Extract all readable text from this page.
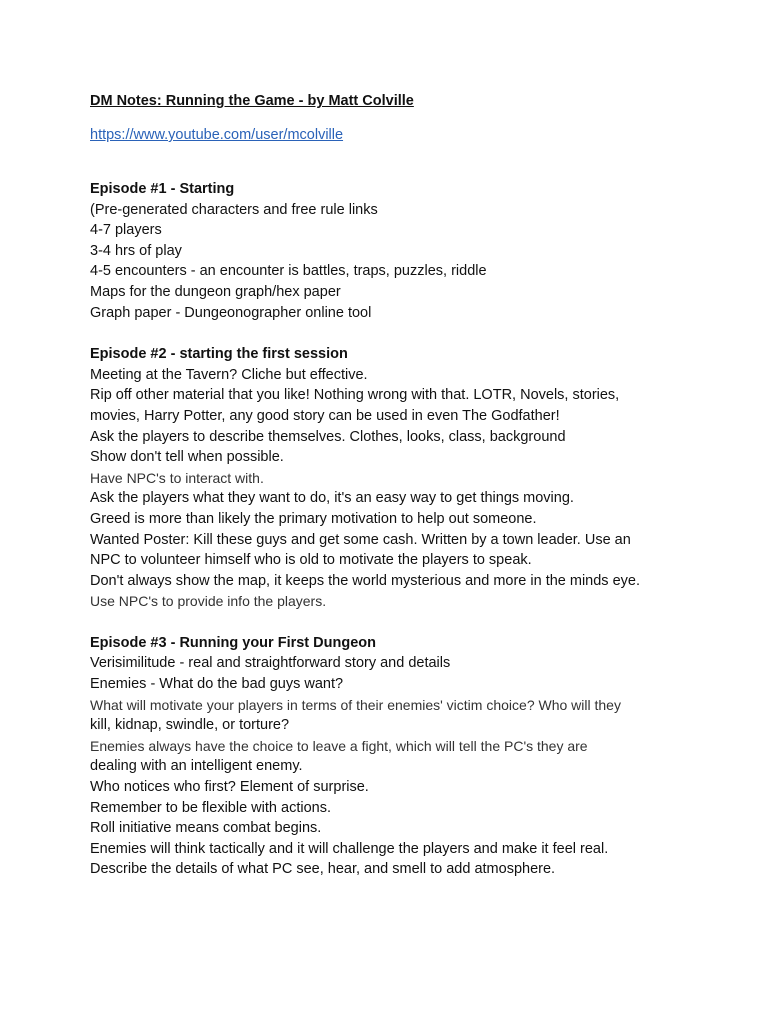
DM Notes: Running the Game - by Matt Colville
https://www.youtube.com/user/mcolville
Episode #1 - Starting
(Pre-generated characters and free rule links
4-7 players
3-4 hrs of play
4-5 encounters - an encounter is battles, traps, puzzles, riddle
Maps for the dungeon graph/hex paper
Graph paper - Dungeonographer online tool
Episode #2 - starting the first session
Meeting at the Tavern? Cliche but effective.
Rip off other material that you like! Nothing wrong with that. LOTR, Novels, stories,
movies, Harry Potter, any good story can be used in even The Godfather!
Ask the players to describe themselves. Clothes, looks, class, background
Show don't tell when possible.
Have NPC's to interact with.
Ask the players what they want to do, it's an easy way to get things moving.
Greed is more than likely the primary motivation to help out someone.
Wanted Poster: Kill these guys and get some cash. Written by a town leader. Use an
NPC to volunteer himself who is old to motivate the players to speak.
Don't always show the map, it keeps the world mysterious and more in the minds eye.
Use NPC's to provide info the players.
Episode #3 - Running your First Dungeon
Verisimilitude - real and straightforward story and details
Enemies - What do the bad guys want?
What will motivate your players in terms of their enemies' victim choice? Who will they
kill, kidnap, swindle, or torture?
Enemies always have the choice to leave a fight, which will tell the PC's they are
dealing with an intelligent enemy.
Who notices who first? Element of surprise.
Remember to be flexible with actions.
Roll initiative means combat begins.
Enemies will think tactically and it will challenge the players and make it feel real.
Describe the details of what PC see, hear, and smell to add atmosphere.
